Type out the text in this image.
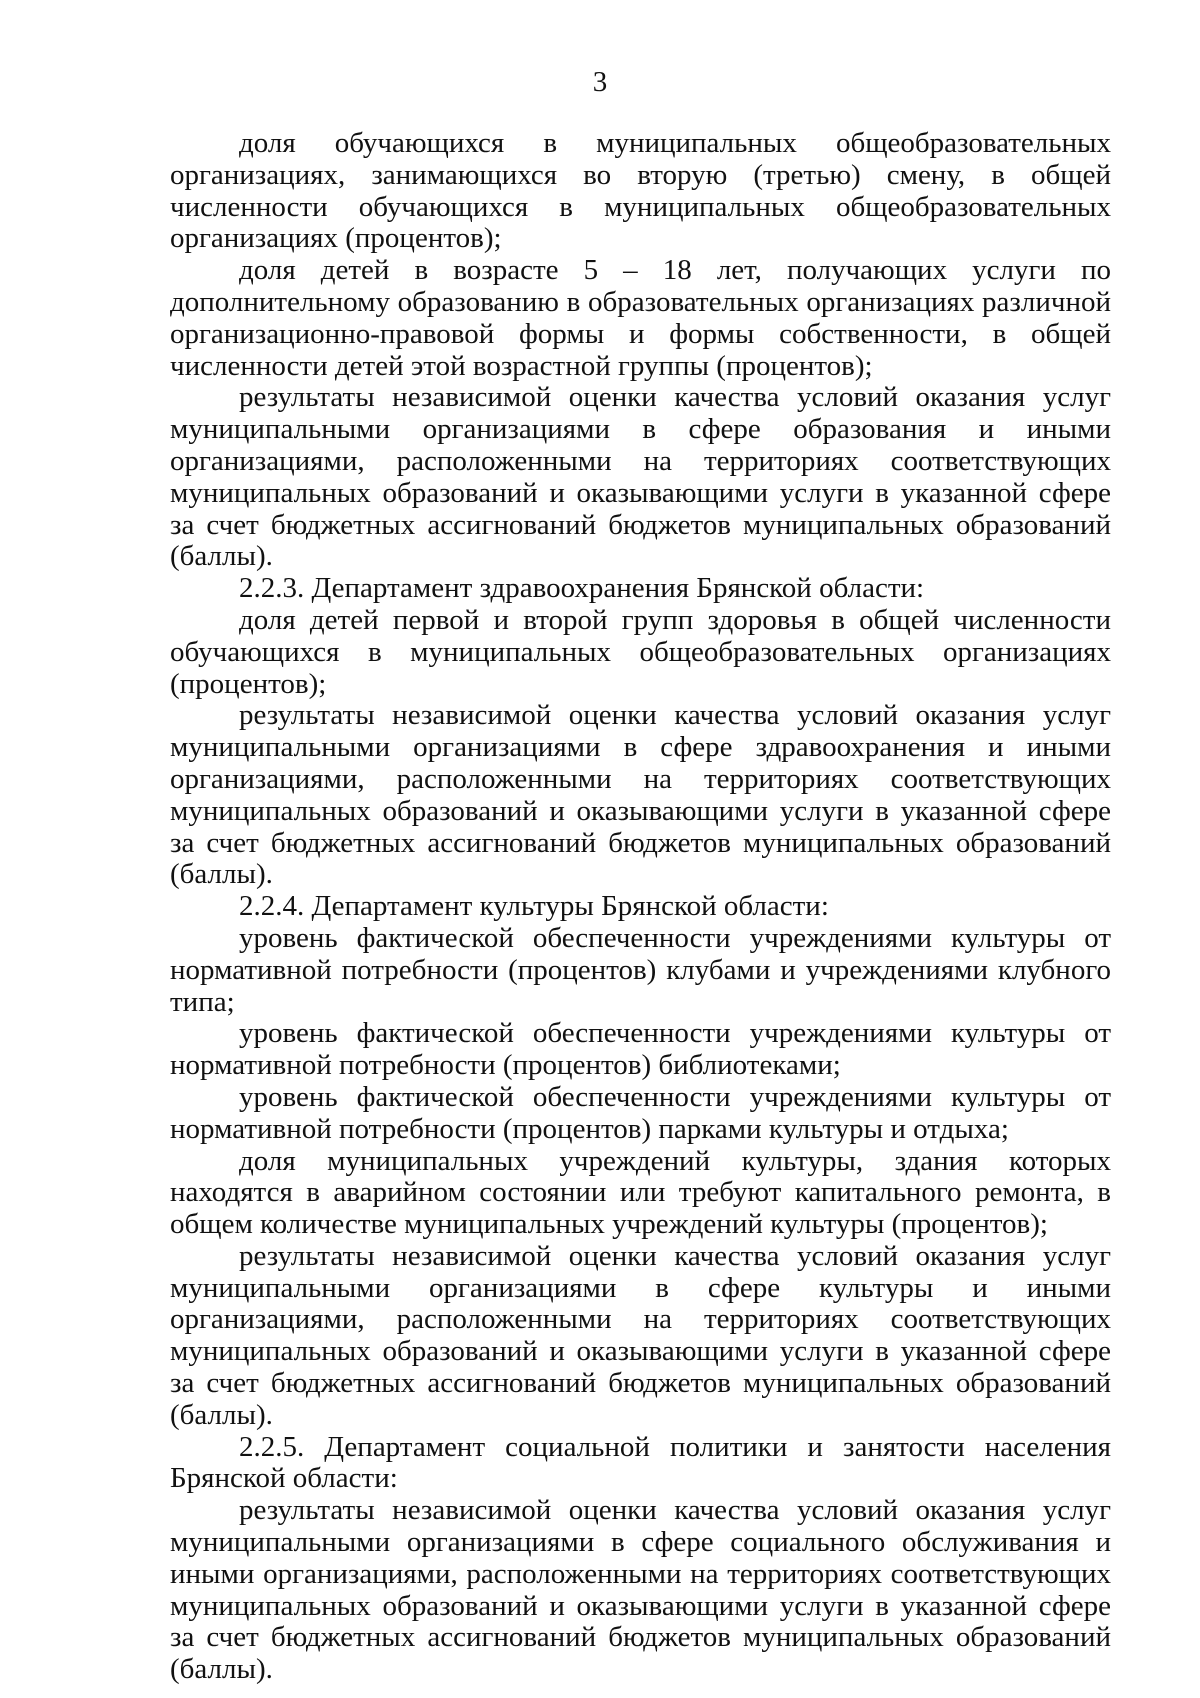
3

доля обучающихся в муниципальных общеобразовательных организациях, занимающихся во вторую (третью) смену, в общей численности обучающихся в муниципальных общеобразовательных организациях (процентов);

доля детей в возрасте 5 – 18 лет, получающих услуги по дополнительному образованию в образовательных организациях различной организационно-правовой формы и формы собственности, в общей численности детей этой возрастной группы (процентов);

результаты независимой оценки качества условий оказания услуг муниципальными организациями в сфере образования и иными организациями, расположенными на территориях соответствующих муниципальных образований и оказывающими услуги в указанной сфере за счет бюджетных ассигнований бюджетов муниципальных образований (баллы).

2.2.3. Департамент здравоохранения Брянской области:

доля детей первой и второй групп здоровья в общей численности обучающихся в муниципальных общеобразовательных организациях (процентов);

результаты независимой оценки качества условий оказания услуг муниципальными организациями в сфере здравоохранения и иными организациями, расположенными на территориях соответствующих муниципальных образований и оказывающими услуги в указанной сфере за счет бюджетных ассигнований бюджетов муниципальных образований (баллы).

2.2.4. Департамент культуры Брянской области:

уровень фактической обеспеченности учреждениями культуры от нормативной потребности (процентов) клубами и учреждениями клубного типа;

уровень фактической обеспеченности учреждениями культуры от нормативной потребности (процентов) библиотеками;

уровень фактической обеспеченности учреждениями культуры от нормативной потребности (процентов) парками культуры и отдыха;

доля муниципальных учреждений культуры, здания которых находятся в аварийном состоянии или требуют капитального ремонта, в общем количестве муниципальных учреждений культуры (процентов);

результаты независимой оценки качества условий оказания услуг муниципальными организациями в сфере культуры и иными организациями, расположенными на территориях соответствующих муниципальных образований и оказывающими услуги в указанной сфере за счет бюджетных ассигнований бюджетов муниципальных образований (баллы).

2.2.5. Департамент социальной политики и занятости населения Брянской области:

результаты независимой оценки качества условий оказания услуг муниципальными организациями в сфере социального обслуживания и иными организациями, расположенными на территориях соответствующих муниципальных образований и оказывающими услуги в указанной сфере за счет бюджетных ассигнований бюджетов муниципальных образований (баллы).
